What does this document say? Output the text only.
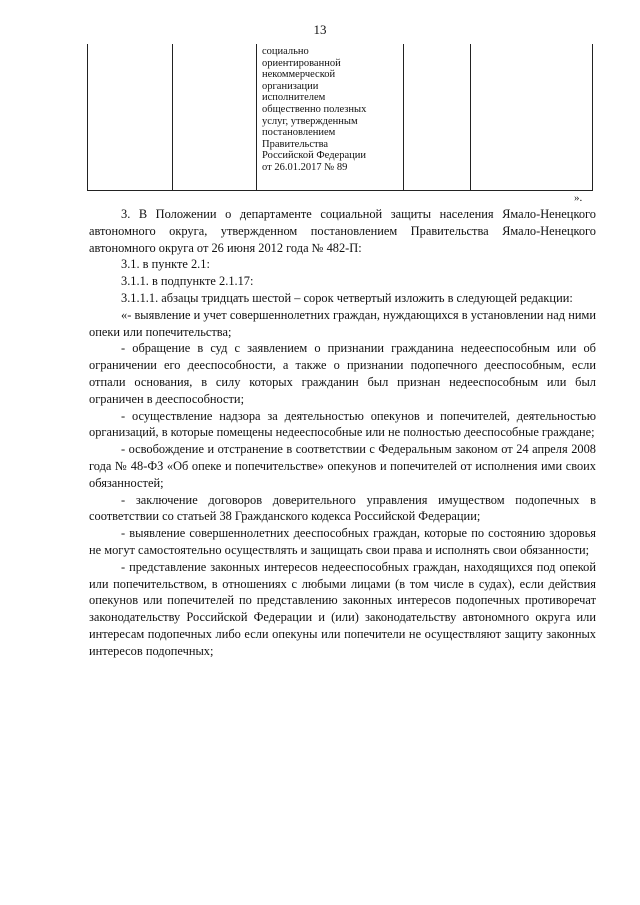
13
социально
ориентированной
некоммерческой
организации
исполнителем
общественно полезных
услуг, утвержденным
постановлением
Правительства
Российской Федерации
от 26.01.2017 № 89
».

3. В Положении о департаменте социальной защиты населения Ямало-Ненецкого автономного округа, утвержденном постановлением Правительства Ямало-Ненецкого автономного округа от 26 июня 2012 года № 482-П:

3.1. в пункте 2.1:

3.1.1. в подпункте 2.1.17:

3.1.1.1. абзацы тридцать шестой – сорок четвертый изложить в следующей редакции:

«- выявление и учет совершеннолетних граждан, нуждающихся в установлении над ними опеки или попечительства;

- обращение в суд с заявлением о признании гражданина недееспособным или об ограничении его дееспособности, а также о признании подопечного дееспособным, если отпали основания, в силу которых гражданин был признан недееспособным или был ограничен в дееспособности;

- осуществление надзора за деятельностью опекунов и попечителей, деятельностью организаций, в которые помещены недееспособные или не полностью дееспособные граждане;

- освобождение и отстранение в соответствии с Федеральным законом от 24 апреля 2008 года № 48-ФЗ «Об опеке и попечительстве» опекунов и попечителей от исполнения ими своих обязанностей;

- заключение договоров доверительного управления имуществом подопечных в соответствии со статьей 38 Гражданского кодекса Российской Федерации;

- выявление совершеннолетних дееспособных граждан, которые по состоянию здоровья не могут самостоятельно осуществлять и защищать свои права и исполнять свои обязанности;

- представление законных интересов недееспособных граждан, находящихся под опекой или попечительством, в отношениях с любыми лицами (в том числе в судах), если действия опекунов или попечителей по представлению законных интересов подопечных противоречат законодательству Российской Федерации и (или) законодательству автономного округа или интересам подопечных либо если опекуны или попечители не осуществляют защиту законных интересов подопечных;
